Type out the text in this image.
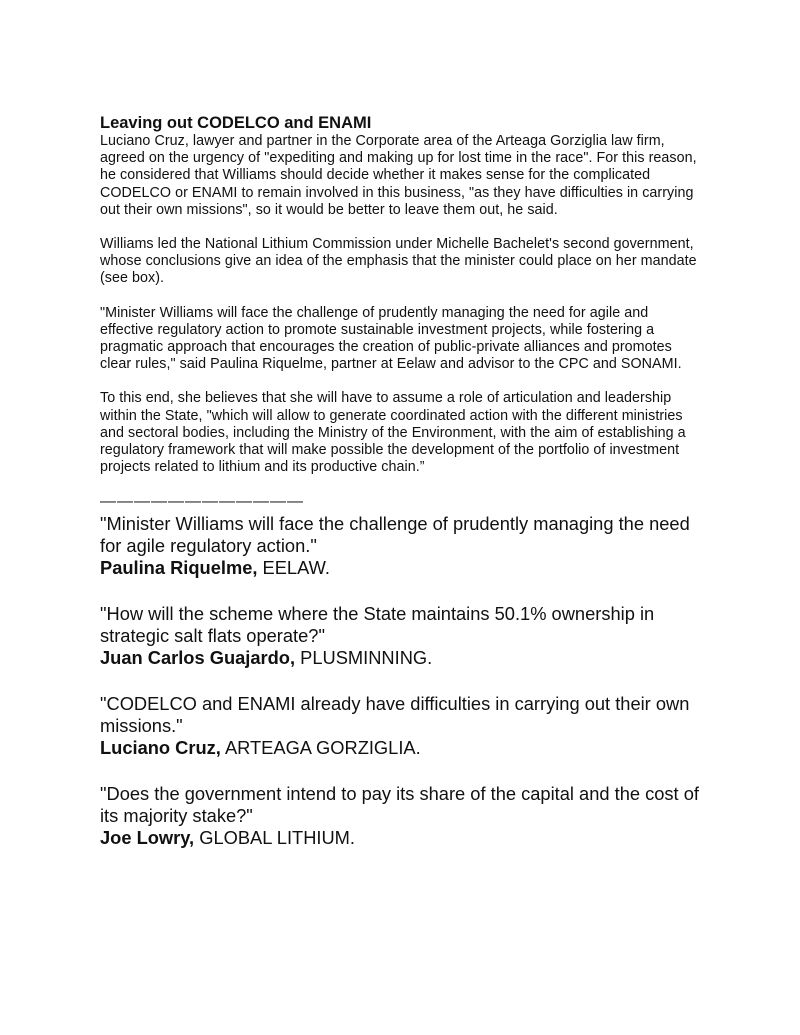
Leaving out CODELCO and ENAMI

Luciano Cruz, lawyer and partner in the Corporate area of the Arteaga Gorziglia law firm, agreed on the urgency of "expediting and making up for lost time in the race". For this reason, he considered that Williams should decide whether it makes sense for the complicated CODELCO or ENAMI to remain involved in this business, "as they have difficulties in carrying out their own missions", so it would be better to leave them out, he said.

Williams led the National Lithium Commission under Michelle Bachelet's second government, whose conclusions give an idea of the emphasis that the minister could place on her mandate (see box).

"Minister Williams will face the challenge of prudently managing the need for agile and effective regulatory action to promote sustainable investment projects, while fostering a pragmatic approach that encourages the creation of public-private alliances and promotes clear rules," said Paulina Riquelme, partner at Eelaw and advisor to the CPC and SONAMI.

To this end, she believes that she will have to assume a role of articulation and leadership within the State, "which will allow to generate coordinated action with the different ministries and sectoral bodies, including the Ministry of the Environment, with the aim of establishing a regulatory framework that will make possible the development of the portfolio of investment projects related to lithium and its productive chain.”

————————————

"Minister Williams will face the challenge of prudently managing the need for agile regulatory action."

Paulina Riquelme, EELAW.

"How will the scheme where the State maintains 50.1% ownership in strategic salt flats operate?"

Juan Carlos Guajardo, PLUSMINNING.

"CODELCO and ENAMI already have difficulties in carrying out their own missions."

Luciano Cruz, ARTEAGA GORZIGLIA.

"Does the government intend to pay its share of the capital and the cost of its majority stake?"

Joe Lowry, GLOBAL LITHIUM.
